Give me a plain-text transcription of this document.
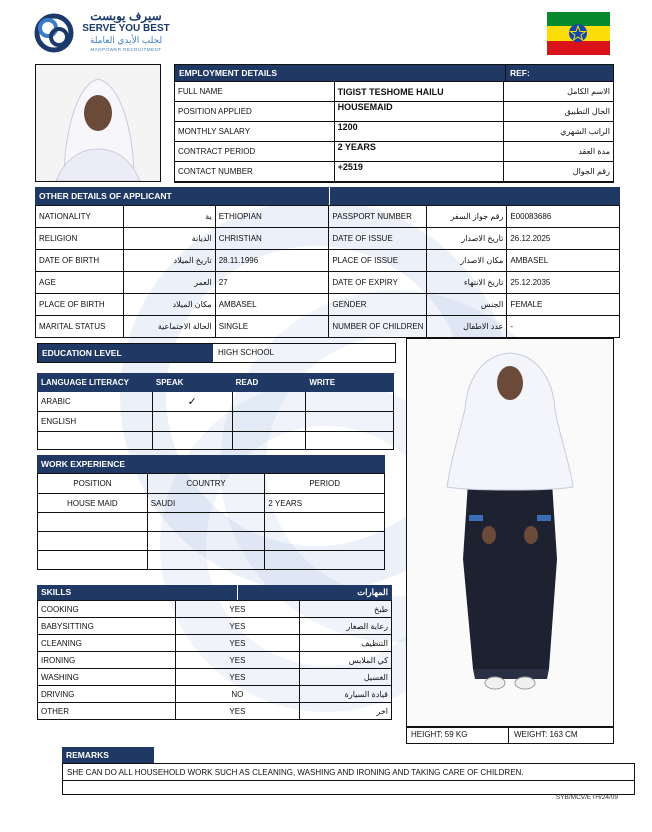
سيرف يوبست
SERVE YOU BEST
لجلب الأيدي العاملة
MANPOWER RECRUITMENT
EMPLOYMENT DETAILS	REF:
FULL NAME	TIGIST TESHOME HAILU	الاسم الكامل
POSITION APPLIED	HOUSEMAID	الحال التطبيق
MONTHLY SALARY	1200	الراتب الشهري
CONTRACT PERIOD	2 YEARS	مدة العقد
CONTACT NUMBER	+2519	رقم الجوال
OTHER DETAILS OF APPLICANT
NATIONALITY	ية	ETHIOPIAN	PASSPORT NUMBER	رقم جواز السفر	E00083686
RELIGION	الديانة	CHRISTIAN	DATE OF ISSUE	تاريخ الاصدار	26.12.2025
DATE OF BIRTH	تاريخ الميلاد	28.11.1996	PLACE OF ISSUE	مكان الاصدار	AMBASEL
AGE	العمر	27	DATE OF EXPIRY	تاريخ الانتهاء	25.12.2035
PLACE OF BIRTH	مكان الميلاد	AMBASEL	GENDER	الجنس	FEMALE
MARITAL STATUS	الحالة الاجتماعية	SINGLE	NUMBER OF CHILDREN	عدد الاطفال	-
EDUCATION LEVEL	HIGH SCHOOL
LANGUAGE LITERACY	SPEAK	READ	WRITE
ARABIC	✓		
ENGLISH			

WORK EXPERIENCE
POSITION	COUNTRY	PERIOD
HOUSE MAID	SAUDI	2 YEARS

SKILLS	المهارات
COOKING	YES	طبخ
BABYSITTING	YES	رعاية الصغار
CLEANING	YES	التنظيف
IRONING	YES	كي الملابس
WASHING	YES	الغسيل
DRIVING	NO	قيادة السيارة
OTHER	YES	اخر
HEIGHT: 59 KG	WEIGHT: 163 CM
REMARKS
SHE CAN DO ALL HOUSEHOLD WORK SUCH AS CLEANING, WASHING AND IRONING AND TAKING CARE OF CHILDREN.
SYB/MCV/ETH/24/09
